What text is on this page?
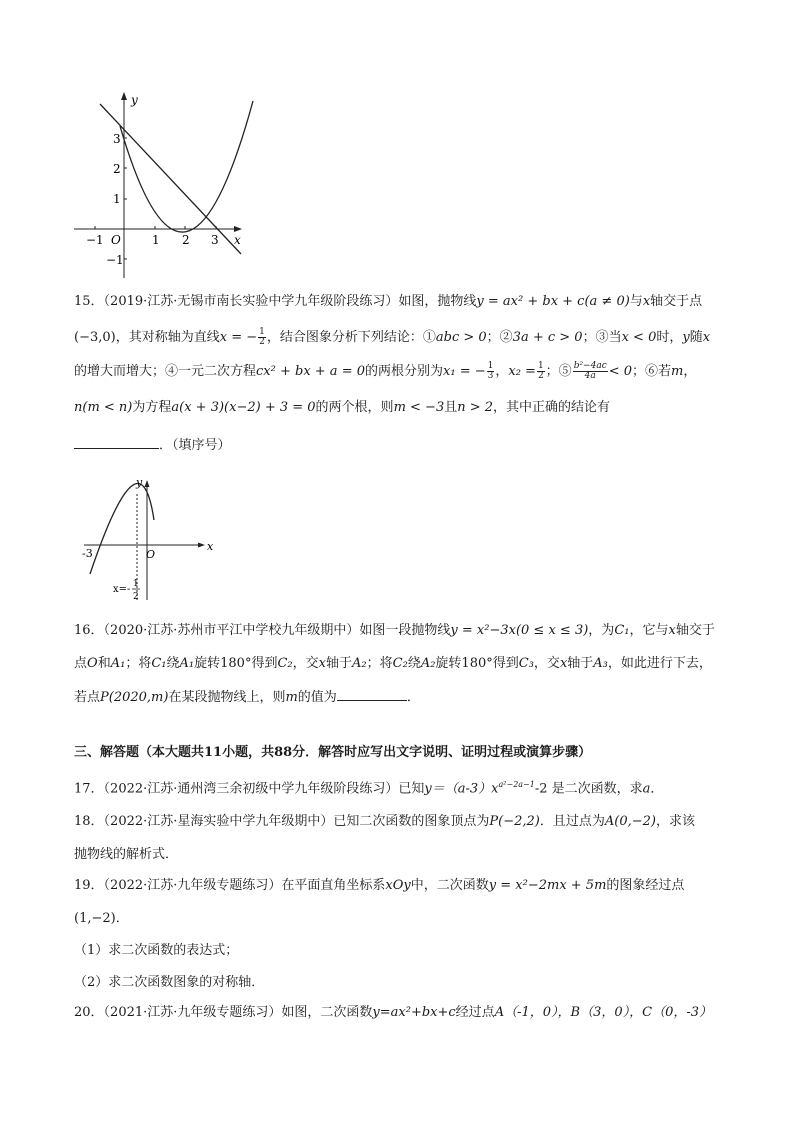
y
x
O
−1	1 2 3
3
2
1
−1
15．（2019·江苏·无锡市南长实验中学九年级阶段练习）如图，抛物线y = ax² + bx + c(a ≠ 0)与x轴交于点
(−3,0)，其对称轴为直线x = − $\frac{1}{2}$ ，结合图象分析下列结论：①abc > 0；②3a + c > 0；③当x < 0时，y随x
的增大而增大；④一元二次方程cx² + bx + a = 0的两根分别为x₁ = − $\frac{1}{3}$ ，$x_2 = \frac{1}{2}$ ；⑤ $\frac{\text{b²−4ac}}{4a} < 0$；⑥若m，
n(m < n)为方程a(x + 3)(x−2) + 3 = 0的两个根，则m < −3且n > 2，其中正确的结论有
．（填序号）
y
x
O
-3
x=- 1
2
16．（2020·江苏·苏州市平江中学校九年级期中）如图一段抛物线y = x²−3x(0 ≤ x ≤ 3)，为C₁，它与x轴交于
点O和A₁；将C₁绕A₁旋转180°得到C₂，交x轴于A₂；将C₂绕A₂旋转180°得到C₃，交x轴于A₃，如此进行下去，
若点P(2020,m)在某段抛物线上，则m的值为	．
三、解答题（本大题共11小题，共88分．解答时应写出文字说明、证明过程或演算步骤）
17．（2022·江苏·通州湾三余初级中学九年级阶段练习）已知$y=(a-3)x^{a^2-2a-1}-2$ 是二次函数，求a．
18．（2022·江苏·星海实验中学九年级期中）已知二次函数的图象顶点为P(−2,2)．且过点为A(0,−2)，求该
抛物线的解析式．
19．（2022·江苏·九年级专题练习）在平面直角坐标系xOy中，二次函数y = x²−2mx + 5m的图象经过点
(1,−2)．
（1）求二次函数的表达式；
（2）求二次函数图象的对称轴．
20．（2021·江苏·九年级专题练习）如图，二次函数y=ax²+bx+c经过点A（-1，0），B（3，0），C（0，-3）
